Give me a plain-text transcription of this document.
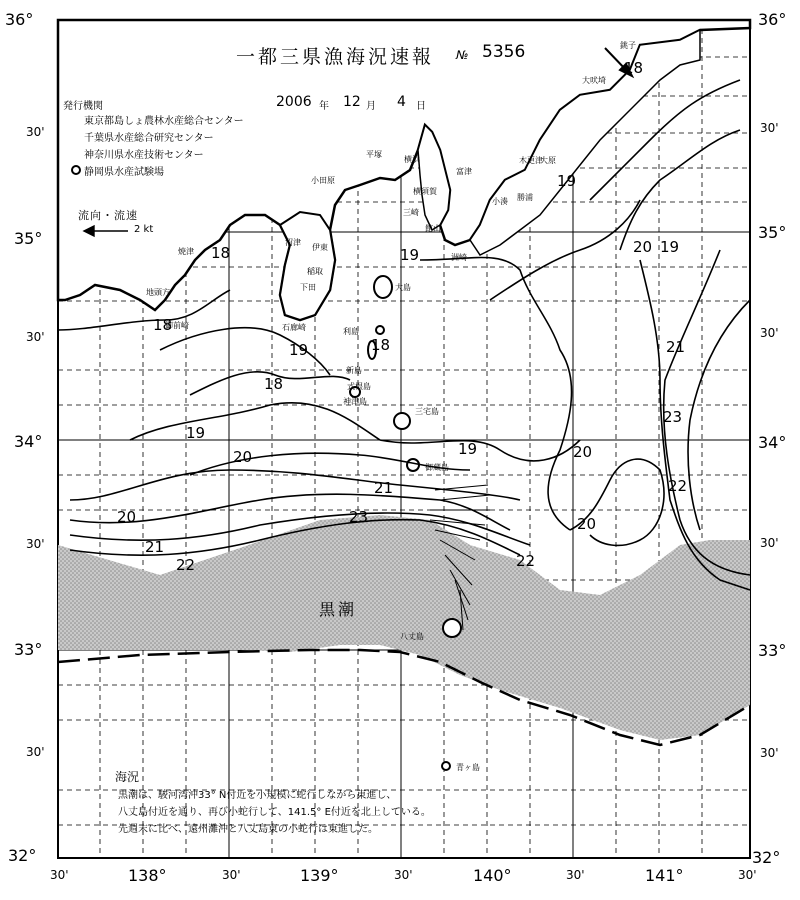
一都三県漁海況速報 № 5356
2006 年 12 月 4 日
発行機関
東京都島しょ農林水産総合センター
千葉県水産総合研究センター
神奈川県水産技術センター
静岡県水産試験場
流向・流速
2 kt
36°
30'
35°
30'
34°
30'
33°
30'
32°
36°
30'
35°
30'
34°
30'
33°
30'
32°
30'	138°	30'	139°	30'	140°	30'	141°	30'
焼津
御前崎
地頭方
沼津
伊東
稲取
下田
石廊崎
小田原
平塚
横浜
横須賀
三崎
館山
富津
洲崎
小湊 勝浦
大原
木更津
大吠埼
銚子
大島
利島
新島
式根島
神津島
三宅島
御蔵島
八丈島
青ヶ島
18
18
18
18
19
19
19
19
19
19
20
20
20
20
20
21
21
21
22	22
22
23
23
18
黒潮
海況
黒潮は、駿河湾沖33° N付近を小規模に蛇行しながら東進し、
八丈島付近を通り、再び小蛇行して、141.5° E付近を北上している。
先週末に比べ、遠州灘沖と八丈島東の小蛇行は東進した。
